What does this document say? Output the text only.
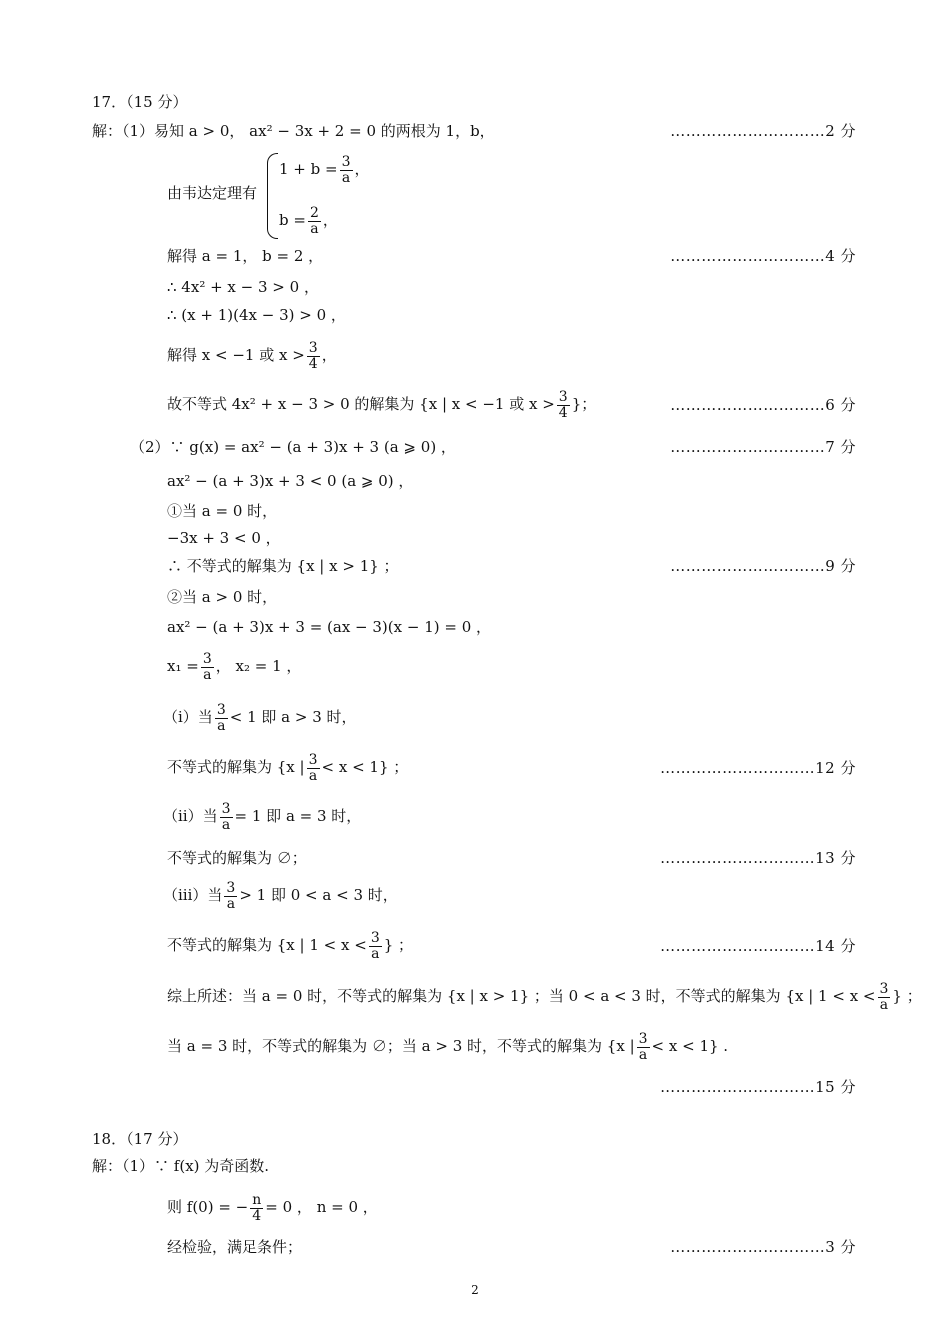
17．（15 分）
解：（1）易知 a > 0， ax² − 3x + 2 = 0 的两根为 1，b，	…………………………2 分
由韦达定理有
$1 + b = \frac{3}{a}$ ，
$b = \frac{2}{a}$ ，
解得 a = 1， b = 2 ，	…………………………4 分
∴ 4x² + x − 3 > 0 ，
∴ (x + 1)(4x − 3) > 0 ，
解得 x < −1 或 $x > \frac{3}{4}$ ，
故不等式 4x² + x − 3 > 0 的解集为 {x | x < −1 或 $x > \frac{3}{4}$ }；	…………………………6 分
（2）∵ g(x) = ax² − (a + 3)x + 3 (a ⩾ 0) ，	…………………………7 分
ax² − (a + 3)x + 3 < 0 (a ⩾ 0) ，
①当 a = 0 时，
−3x + 3 < 0 ，
∴ 不等式的解集为 {x | x > 1} ；	…………………………9 分
②当 a > 0 时，
ax² − (a + 3)x + 3 = (ax − 3)(x − 1) = 0 ，
$x_1 = \frac{3}{a}$ ， x₂ = 1 ，
（ⅰ）当 $\frac{3}{a} < 1$ 即 a > 3 时，
不等式的解集为 {x | $\frac{3}{a} < x < 1$} ；	…………………………12 分
（ⅱ）当 $\frac{3}{a} = 1$ 即 a = 3 时，
不等式的解集为 ∅；	…………………………13 分
（ⅲ）当 $\frac{3}{a} > 1$ 即 0 < a < 3 时，
不等式的解集为 {x | $1 < x < \frac{3}{a}$ } ；	…………………………14 分
综上所述：当 a = 0 时，不等式的解集为 {x | x > 1} ；当 0 < a < 3 时，不等式的解集为 {x | $1 < x < \frac{3}{a}$ } ；
当 a = 3 时，不等式的解集为 ∅；当 a > 3 时，不等式的解集为 {x | $\frac{3}{a} < x < 1$} .
…………………………15 分
18．（17 分）
解：（1）∵ f(x) 为奇函数.
则 f(0) = − $\frac{n}{4} = 0$ ， n = 0 ，
经检验，满足条件；	…………………………3 分
2
